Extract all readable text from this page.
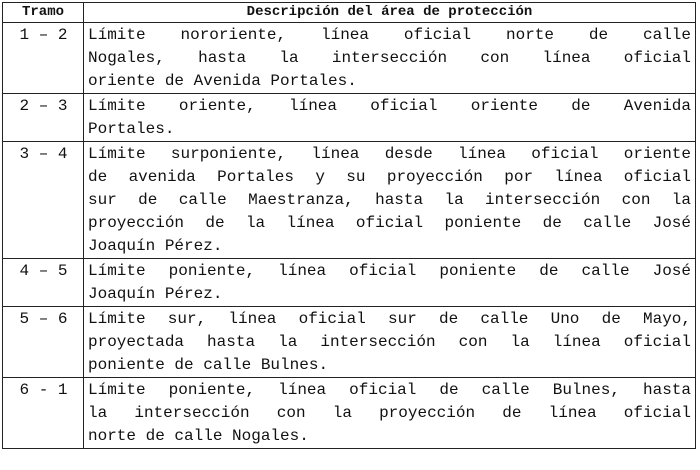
Tramo	Descripción del área de protección
1 – 2	Límite nororiente, línea oficial norte de calle
Nogales, hasta la intersección con línea oficial
oriente de Avenida Portales.

2 – 3	Límite oriente, línea oficial oriente de Avenida
Portales.

3 – 4	Límite surponiente, línea desde línea oficial oriente
de avenida Portales y su proyección por línea oficial
sur de calle Maestranza, hasta la intersección con la
proyección de la línea oficial poniente de calle José
Joaquín Pérez.

4 – 5	Límite poniente, línea oficial poniente de calle José
Joaquín Pérez.

5 – 6	Límite sur, línea oficial sur de calle Uno de Mayo,
proyectada hasta la intersección con la línea oficial
poniente de calle Bulnes.

6 - 1	Límite poniente, línea oficial de calle Bulnes, hasta
la intersección con la proyección de línea oficial
norte de calle Nogales.
